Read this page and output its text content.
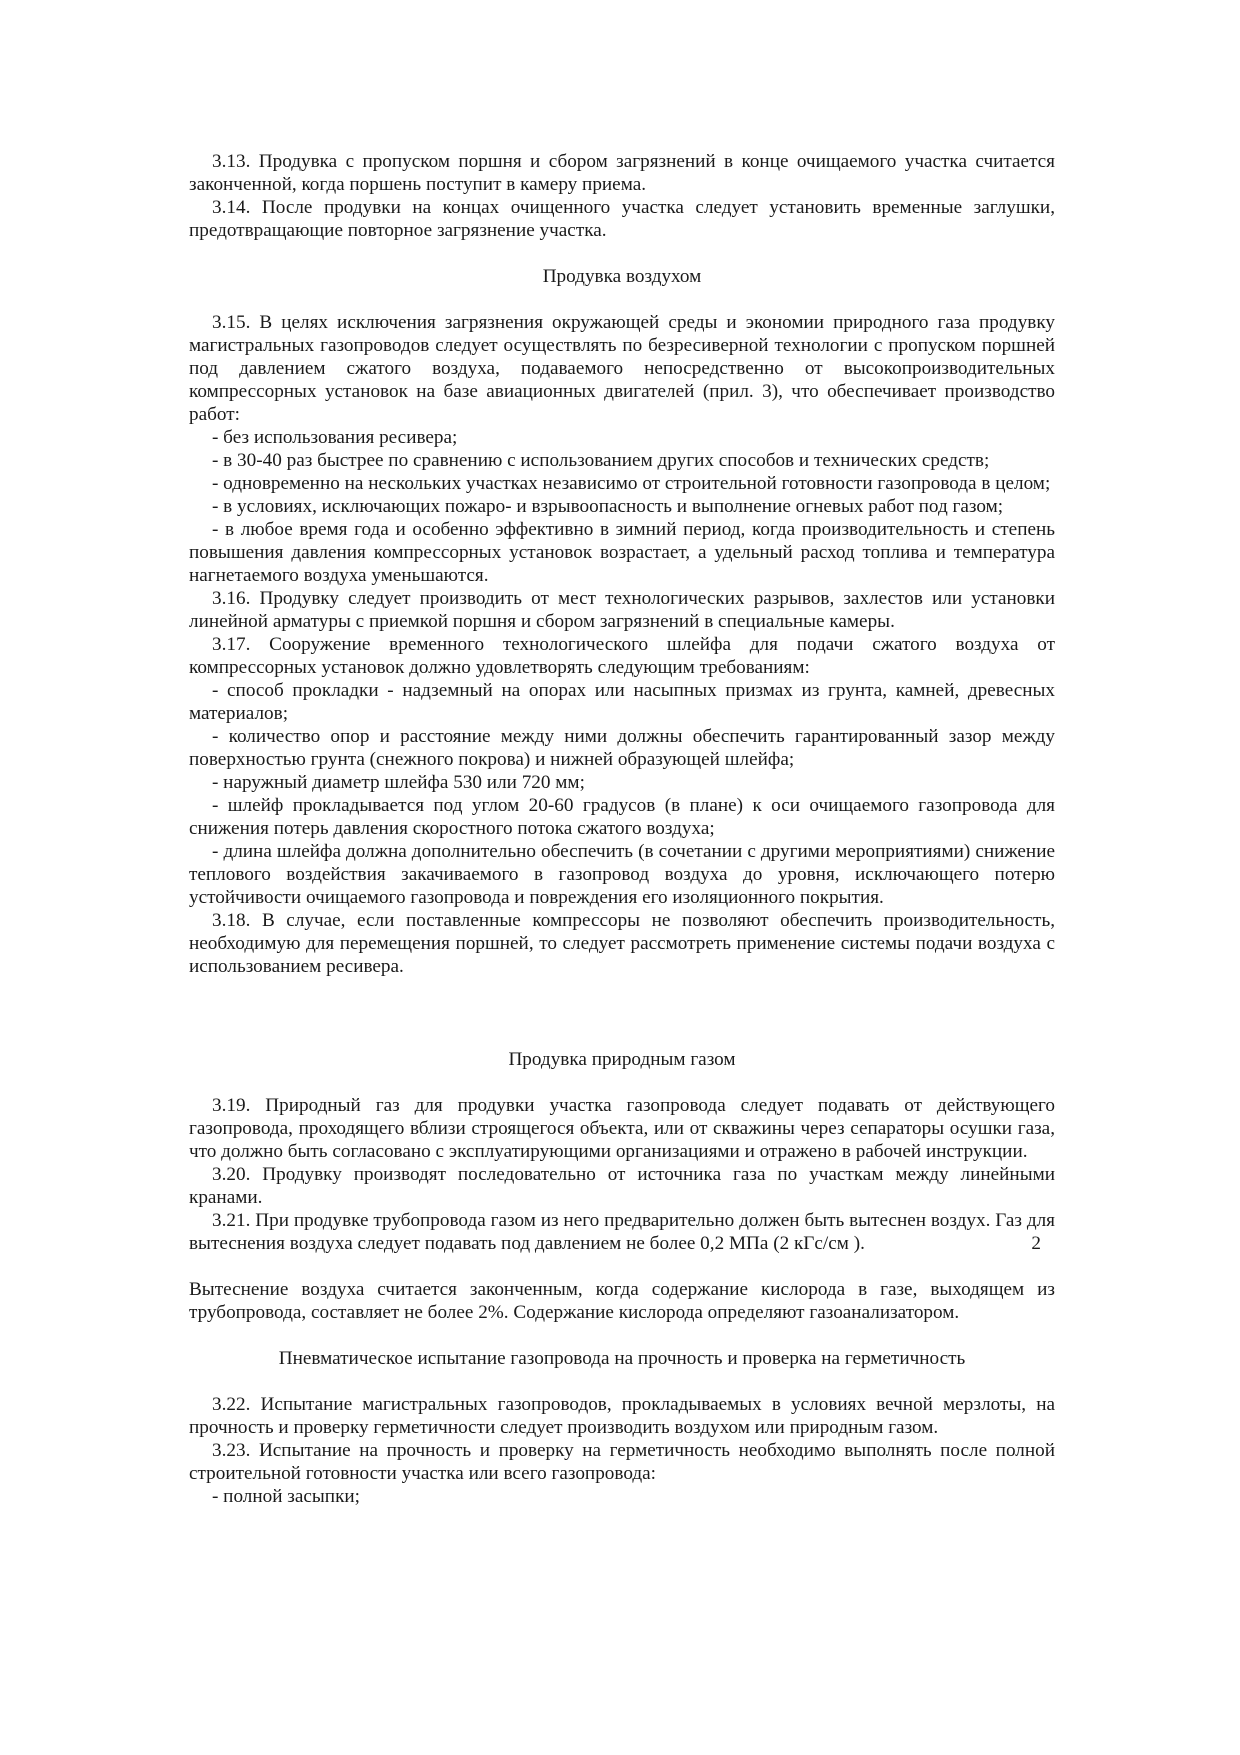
3.13. Продувка с пропуском поршня и сбором загрязнений в конце очищаемого участка считается законченной, когда поршень поступит в камеру приема.

3.14. После продувки на концах очищенного участка следует установить временные заглушки, предотвращающие повторное загрязнение участка.

Продувка воздухом

3.15. В целях исключения загрязнения окружающей среды и экономии природного газа продувку магистральных газопроводов следует осуществлять по безресиверной технологии с пропуском поршней под давлением сжатого воздуха, подаваемого непосредственно от высокопроизводительных компрессорных установок на базе авиационных двигателей (прил. 3), что обеспечивает производство работ:

- без использования ресивера;

- в 30-40 раз быстрее по сравнению с использованием других способов и технических средств;

- одновременно на нескольких участках независимо от строительной готовности газопровода в целом;

- в условиях, исключающих пожаро- и взрывоопасность и выполнение огневых работ под газом;

- в любое время года и особенно эффективно в зимний период, когда производительность и степень повышения давления компрессорных установок возрастает, а удельный расход топлива и температура нагнетаемого воздуха уменьшаются.

3.16. Продувку следует производить от мест технологических разрывов, захлестов или установки линейной арматуры с приемкой поршня и сбором загрязнений в специальные камеры.

3.17. Сооружение временного технологического шлейфа для подачи сжатого воздуха от компрессорных установок должно удовлетворять следующим требованиям:

- способ прокладки - надземный на опорах или насыпных призмах из грунта, камней, древесных материалов;

- количество опор и расстояние между ними должны обеспечить гарантированный зазор между поверхностью грунта (снежного покрова) и нижней образующей шлейфа;

- наружный диаметр шлейфа 530 или 720 мм;

- шлейф прокладывается под углом 20-60 градусов (в плане) к оси очищаемого газопровода для снижения потерь давления скоростного потока сжатого воздуха;

- длина шлейфа должна дополнительно обеспечить (в сочетании с другими мероприятиями) снижение теплового воздействия закачиваемого в газопровод воздуха до уровня, исключающего потерю устойчивости очищаемого газопровода и повреждения его изоляционного покрытия.

3.18. В случае, если поставленные компрессоры не позволяют обеспечить производительность, необходимую для перемещения поршней, то следует рассмотреть применение системы подачи воздуха с использованием ресивера.

Продувка природным газом

3.19. Природный газ для продувки участка газопровода следует подавать от действующего газопровода, проходящего вблизи строящегося объекта, или от скважины через сепараторы осушки газа, что должно быть согласовано с эксплуатирующими организациями и отражено в рабочей инструкции.

3.20. Продувку производят последовательно от источника газа по участкам между линейными кранами.

3.21. При продувке трубопровода газом из него предварительно должен быть вытеснен воздух. Газ для вытеснения воздуха следует подавать под давлением не более 0,2 МПа (2 кГс/см ).	2

Вытеснение воздуха считается законченным, когда содержание кислорода в газе, выходящем из трубопровода, составляет не более 2%. Содержание кислорода определяют газоанализатором.

Пневматическое испытание газопровода на прочность и проверка на герметичность

3.22. Испытание магистральных газопроводов, прокладываемых в условиях вечной мерзлоты, на прочность и проверку герметичности следует производить воздухом или природным газом.

3.23. Испытание на прочность и проверку на герметичность необходимо выполнять после полной строительной готовности участка или всего газопровода:

- полной засыпки;
